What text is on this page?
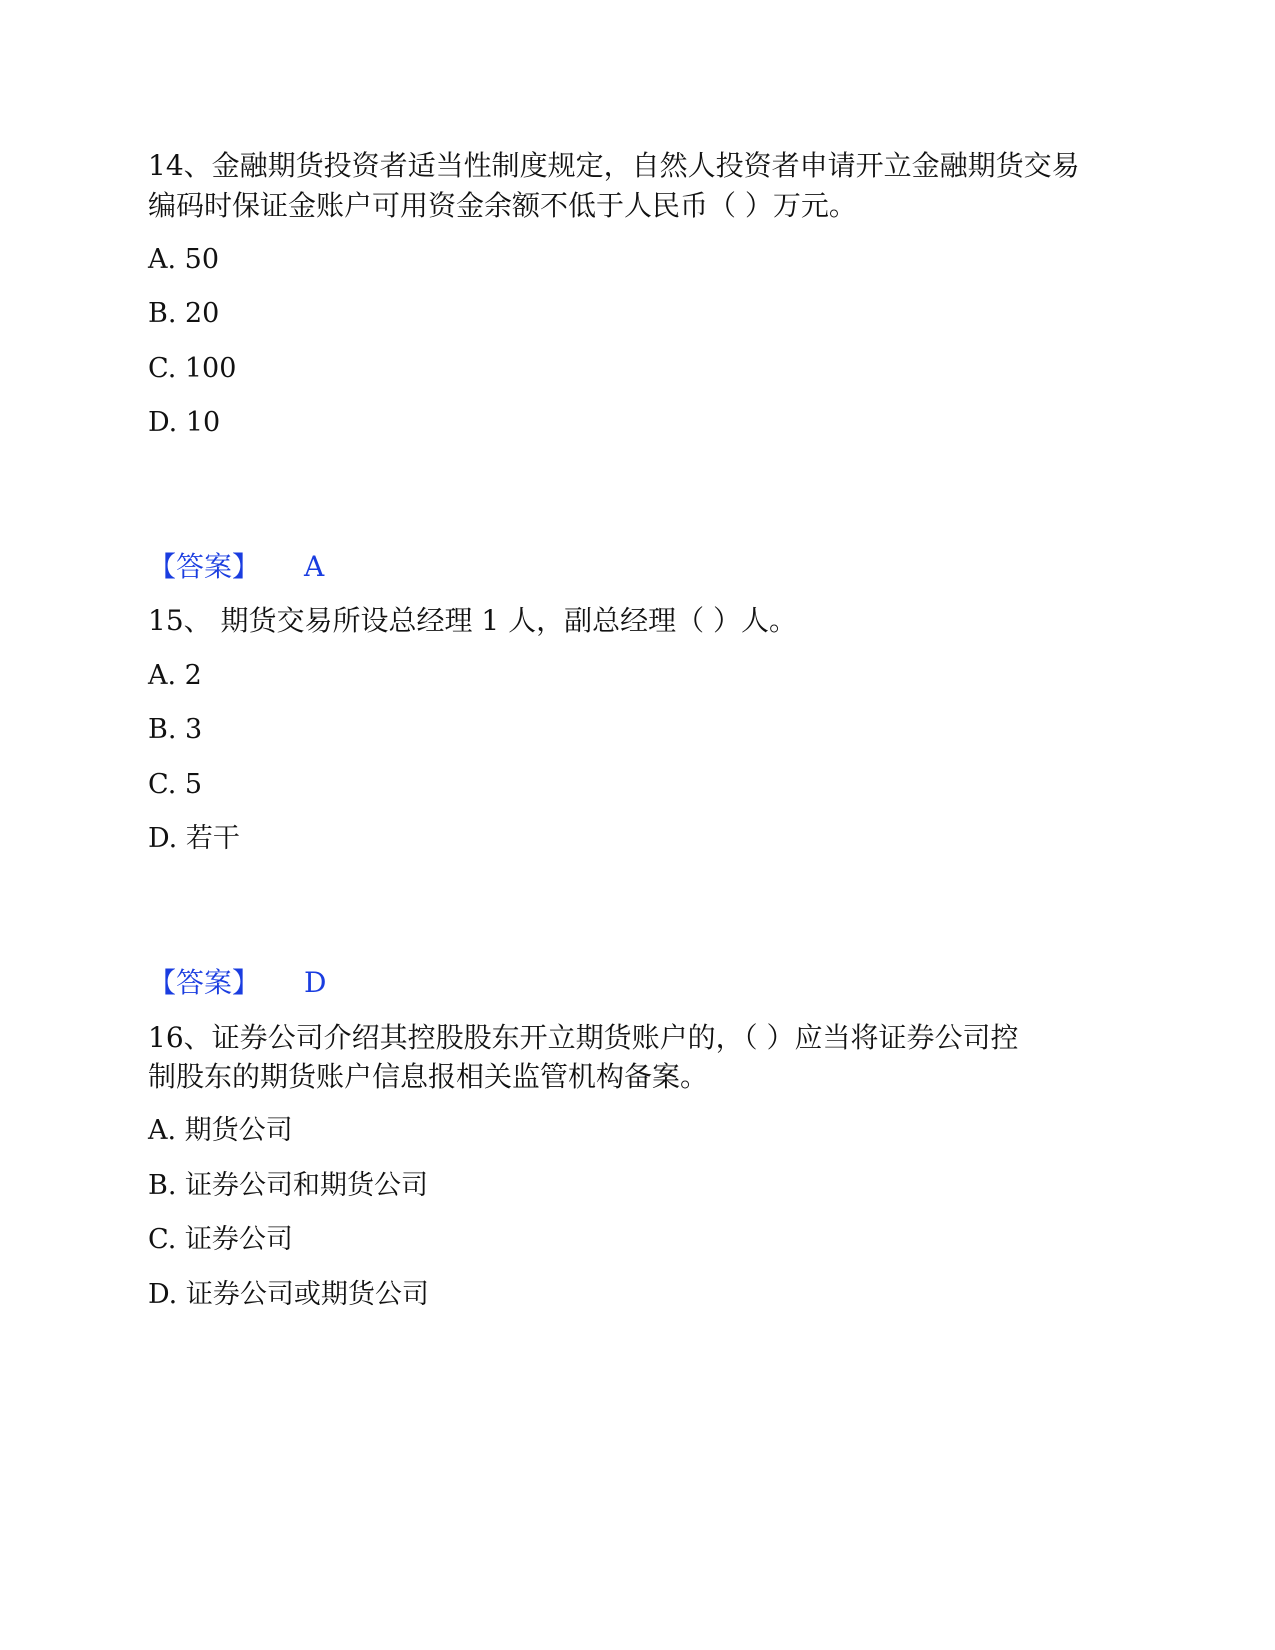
14、金融期货投资者适当性制度规定，自然人投资者申请开立金融期货交易
编码时保证金账户可用资金余额不低于人民币（ ）万元。
A. 50
B. 20
C. 100
D. 10
【答案】 A
15、 期货交易所设总经理 1 人，副总经理（ ）人。
A. 2
B. 3
C. 5
D. 若干
【答案】 D
16、证券公司介绍其控股股东开立期货账户的，（ ）应当将证券公司控
制股东的期货账户信息报相关监管机构备案。
A. 期货公司
B. 证券公司和期货公司
C. 证券公司
D. 证券公司或期货公司
